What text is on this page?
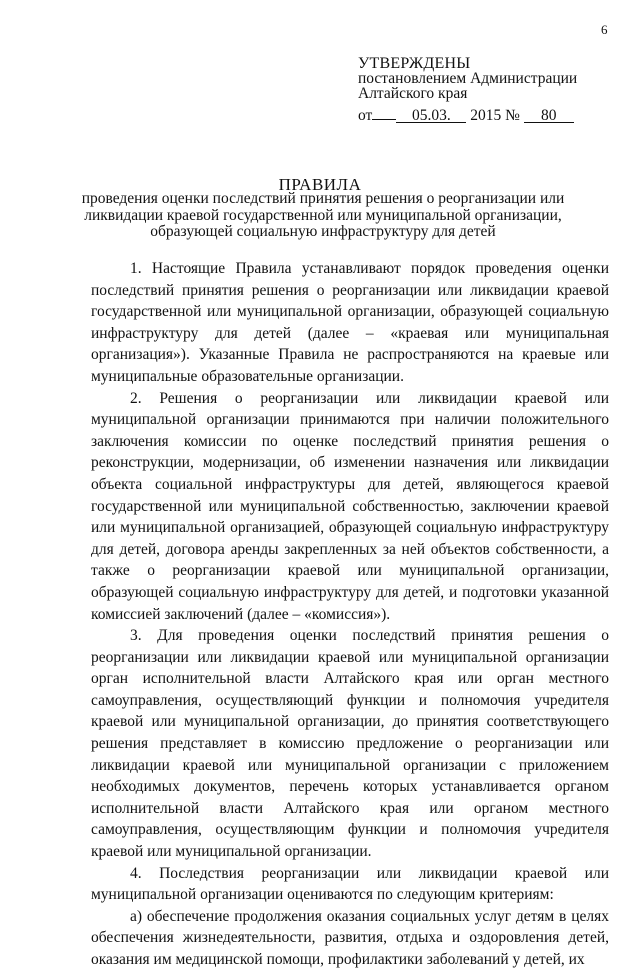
6
УТВЕРЖДЕНЫ
постановлением Администрации
Алтайского края
от	05.03. 2015 № 80
ПРАВИЛА
проведения оценки последствий принятия решения о реорганизации или ликвидации краевой государственной или муниципальной организации, образующей социальную инфраструктуру для детей

1. Настоящие Правила устанавливают порядок проведения оценки последствий принятия решения о реорганизации или ликвидации краевой государственной или муниципальной организации, образующей социальную инфраструктуру для детей (далее – «краевая или муниципальная организация»). Указанные Правила не распространяются на краевые или муниципальные образовательные организации.

2. Решения о реорганизации или ликвидации краевой или муниципальной организации принимаются при наличии положительного заключения комиссии по оценке последствий принятия решения о реконструкции, модернизации, об изменении назначения или ликвидации объекта социальной инфраструктуры для детей, являющегося краевой государственной или муниципальной собственностью, заключении краевой или муниципальной организацией, образующей социальную инфраструктуру для детей, договора аренды закрепленных за ней объектов собственности, а также о реорганизации краевой или муниципальной организации, образующей социальную инфраструктуру для детей, и подготовки указанной комиссией заключений (далее – «комиссия»).

3. Для проведения оценки последствий принятия решения о реорганизации или ликвидации краевой или муниципальной организации орган исполнительной власти Алтайского края или орган местного самоуправления, осуществляющий функции и полномочия учредителя краевой или муниципальной организации, до принятия соответствующего решения представляет в комиссию предложение о реорганизации или ликвидации краевой или муниципальной организации с приложением необходимых документов, перечень которых устанавливается органом исполнительной власти Алтайского края или органом местного самоуправления, осуществляющим функции и полномочия учредителя краевой или муниципальной организации.

4. Последствия реорганизации или ликвидации краевой или муниципальной организации оцениваются по следующим критериям:

а) обеспечение продолжения оказания социальных услуг детям в целях обеспечения жизнедеятельности, развития, отдыха и оздоровления детей, оказания им медицинской помощи, профилактики заболеваний у детей, их
